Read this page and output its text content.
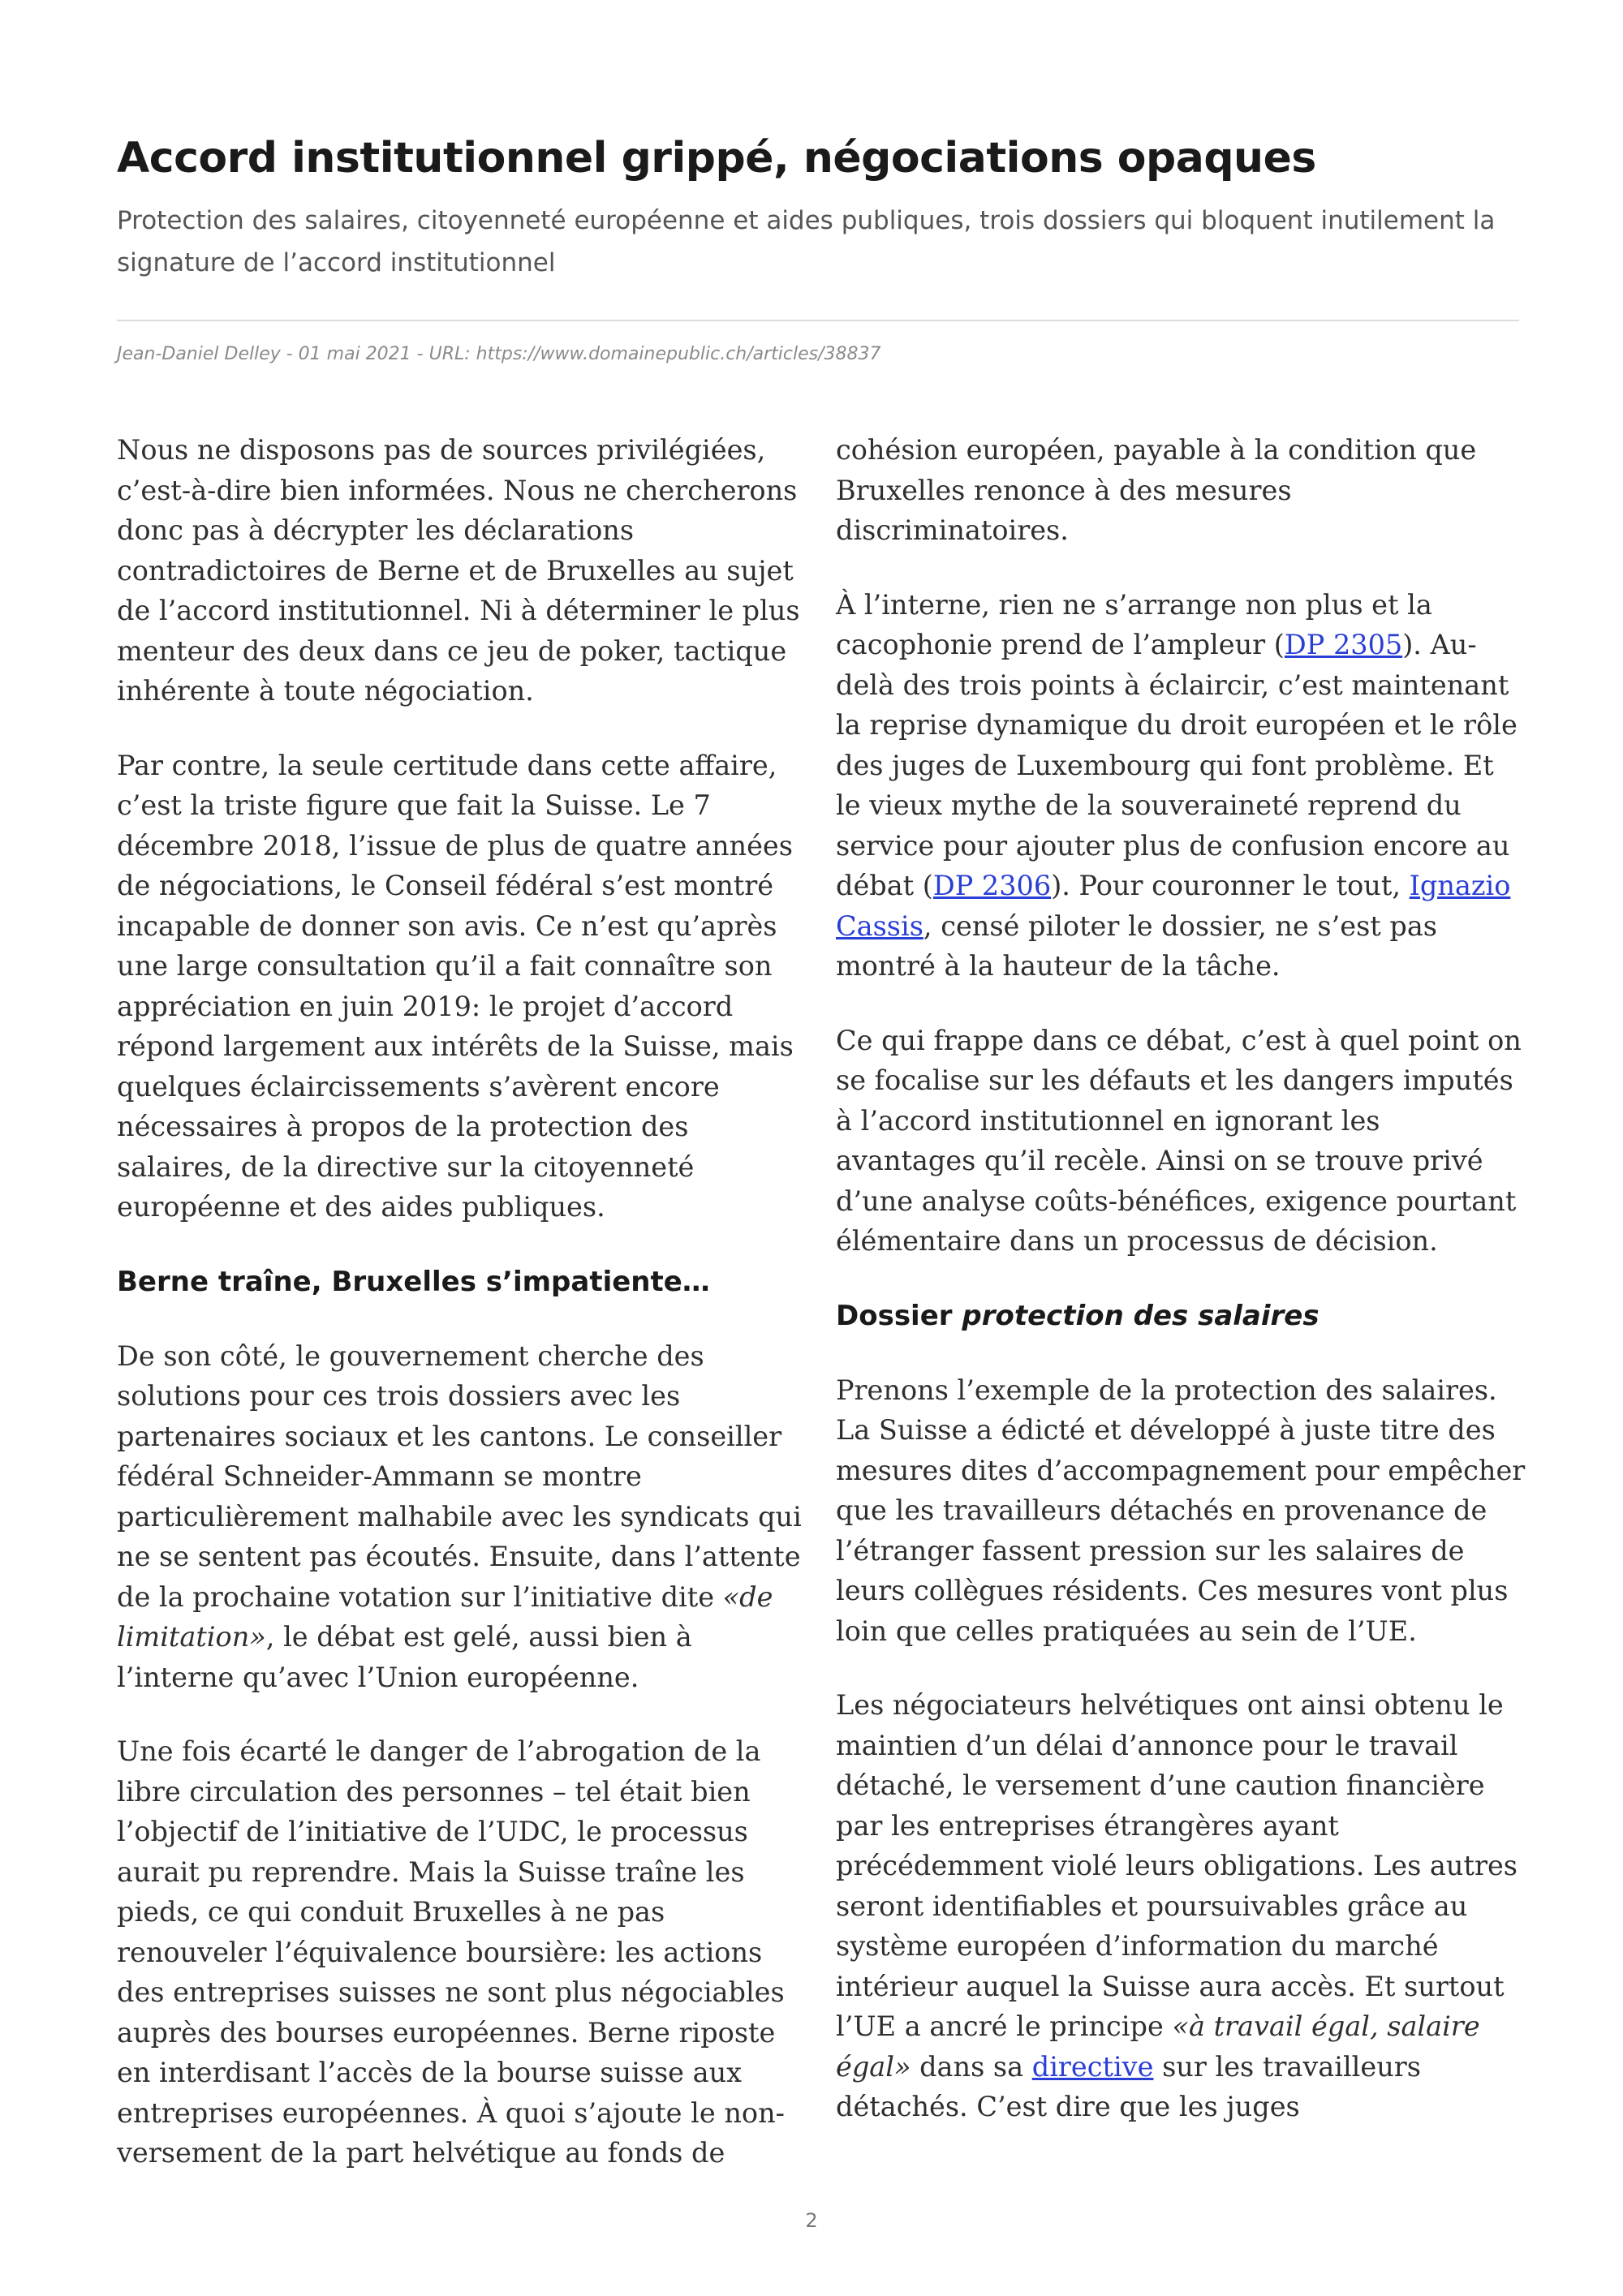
Accord institutionnel grippé, négociations opaques
Protection des salaires, citoyenneté européenne et aides publiques, trois dossiers qui bloquent inutilement la signature de l’accord institutionnel
Jean-Daniel Delley - 01 mai 2021 - URL: https://www.domainepublic.ch/articles/38837

Nous ne disposons pas de sources privilégiées, c’est-à-dire bien informées. Nous ne chercherons donc pas à décrypter les déclarations contradictoires de Berne et de Bruxelles au sujet de l’accord institutionnel. Ni à déterminer le plus menteur des deux dans ce jeu de poker, tactique inhérente à toute négociation.

Par contre, la seule certitude dans cette affaire, c’est la triste figure que fait la Suisse. Le 7 décembre 2018, l’issue de plus de quatre années de négociations, le Conseil fédéral s’est montré incapable de donner son avis. Ce n’est qu’après une large consultation qu’il a fait connaître son appréciation en juin 2019: le projet d’accord répond largement aux intérêts de la Suisse, mais quelques éclaircissements s’avèrent encore nécessaires à propos de la protection des salaires, de la directive sur la citoyenneté européenne et des aides publiques.

Berne traîne, Bruxelles s’impatiente…

De son côté, le gouvernement cherche des solutions pour ces trois dossiers avec les partenaires sociaux et les cantons. Le conseiller fédéral Schneider-Ammann se montre particulièrement malhabile avec les syndicats qui ne se sentent pas écoutés. Ensuite, dans l’attente de la prochaine votation sur l’initiative dite «de limitation», le débat est gelé, aussi bien à l’interne qu’avec l’Union européenne.

Une fois écarté le danger de l’abrogation de la libre circulation des personnes – tel était bien l’objectif de l’initiative de l’UDC, le processus aurait pu reprendre. Mais la Suisse traîne les pieds, ce qui conduit Bruxelles à ne pas renouveler l’équivalence boursière: les actions des entreprises suisses ne sont plus négociables auprès des bourses européennes. Berne riposte en interdisant l’accès de la bourse suisse aux entreprises européennes. À quoi s’ajoute le non-versement de la part helvétique au fonds de

cohésion européen, payable à la condition que Bruxelles renonce à des mesures discriminatoires.

À l’interne, rien ne s’arrange non plus et la cacophonie prend de l’ampleur (DP 2305). Au-delà des trois points à éclaircir, c’est maintenant la reprise dynamique du droit européen et le rôle des juges de Luxembourg qui font problème. Et le vieux mythe de la souveraineté reprend du service pour ajouter plus de confusion encore au débat (DP 2306). Pour couronner le tout, Ignazio Cassis, censé piloter le dossier, ne s’est pas montré à la hauteur de la tâche.

Ce qui frappe dans ce débat, c’est à quel point on se focalise sur les défauts et les dangers imputés à l’accord institutionnel en ignorant les avantages qu’il recèle. Ainsi on se trouve privé d’une analyse coûts-bénéfices, exigence pourtant élémentaire dans un processus de décision.

Dossier protection des salaires

Prenons l’exemple de la protection des salaires. La Suisse a édicté et développé à juste titre des mesures dites d’accompagnement pour empêcher que les travailleurs détachés en provenance de l’étranger fassent pression sur les salaires de leurs collègues résidents. Ces mesures vont plus loin que celles pratiquées au sein de l’UE.

Les négociateurs helvétiques ont ainsi obtenu le maintien d’un délai d’annonce pour le travail détaché, le versement d’une caution financière par les entreprises étrangères ayant précédemment violé leurs obligations. Les autres seront identifiables et poursuivables grâce au système européen d’information du marché intérieur auquel la Suisse aura accès. Et surtout l’UE a ancré le principe «à travail égal, salaire égal» dans sa directive sur les travailleurs détachés. C’est dire que les juges

2
